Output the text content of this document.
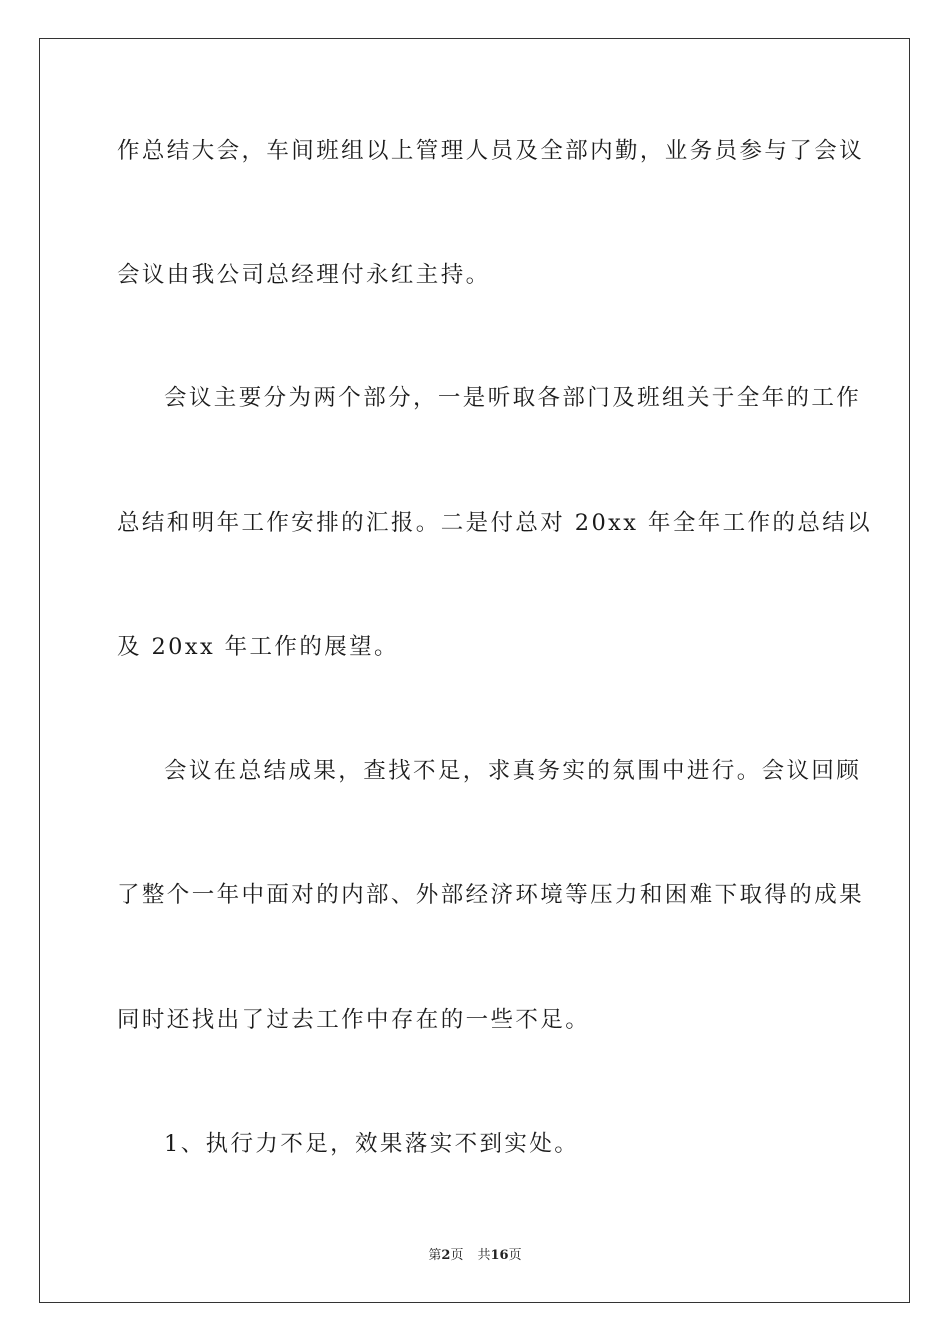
作总结大会，车间班组以上管理人员及全部内勤，业务员参与了会议
会议由我公司总经理付永红主持。
会议主要分为两个部分，一是听取各部门及班组关于全年的工作
总结和明年工作安排的汇报。二是付总对 20xx 年全年工作的总结以
及 20xx 年工作的展望。
会议在总结成果，查找不足，求真务实的氛围中进行。会议回顾
了整个一年中面对的内部、外部经济环境等压力和困难下取得的成果
同时还找出了过去工作中存在的一些不足。
1、执行力不足，效果落实不到实处。
第2页 共16页
